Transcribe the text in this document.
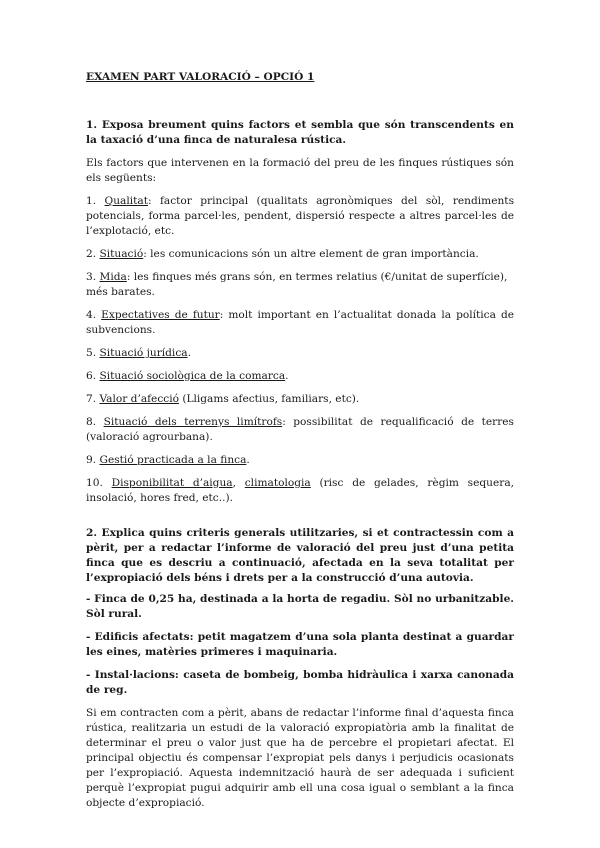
EXAMEN PART VALORACIÓ – OPCIÓ 1
1. Exposa breument quins factors et sembla que són transcendents en la taxació d’una finca de naturalesa rústica.

Els factors que intervenen en la formació del preu de les finques rústiques són els següents:

1. Qualitat: factor principal (qualitats agronòmiques del sòl, rendiments potencials, forma parcel·les, pendent, dispersió respecte a altres parcel·les de l’explotació, etc.

2. Situació: les comunicacions són un altre element de gran importància.

3. Mida: les finques més grans són, en termes relatius (€/unitat de superfície), més barates.

4. Expectatives de futur: molt important en l’actualitat donada la política de subvencions.

5. Situació jurídica.

6. Situació sociològica de la comarca.

7. Valor d’afecció (Lligams afectius, familiars, etc).

8. Situació dels terrenys limítrofs: possibilitat de requalificació de terres (valoració agrourbana).

9. Gestió practicada a la finca.

10. Disponibilitat d’aigua, climatologia (risc de gelades, règim sequera, insolació, hores fred, etc..).

2. Explica quins criteris generals utilitzaries, si et contractessin com a pèrit, per a redactar l’informe de valoració del preu just d’una petita finca que es descriu a continuació, afectada en la seva totalitat per l’expropiació dels béns i drets per a la construcció d’una autovia.
- Finca de 0,25 ha, destinada a la horta de regadiu. Sòl no urbanitzable. Sòl rural.
- Edificis afectats: petit magatzem d’una sola planta destinat a guardar les eines, matèries primeres i maquinaria.
- Instal·lacions: caseta de bombeig, bomba hidràulica i xarxa canonada de reg.

Si em contracten com a pèrit, abans de redactar l’informe final d’aquesta finca rústica, realitzaria un estudi de la valoració expropiatòria amb la finalitat de determinar el preu o valor just que ha de percebre el propietari afectat. El principal objectiu és compensar l’expropiat pels danys i perjudicis ocasionats per l’expropiació. Aquesta indemnització haurà de ser adequada i suficient perquè l’expropiat pugui adquirir amb ell una cosa igual o semblant a la finca objecte d’expropiació.
